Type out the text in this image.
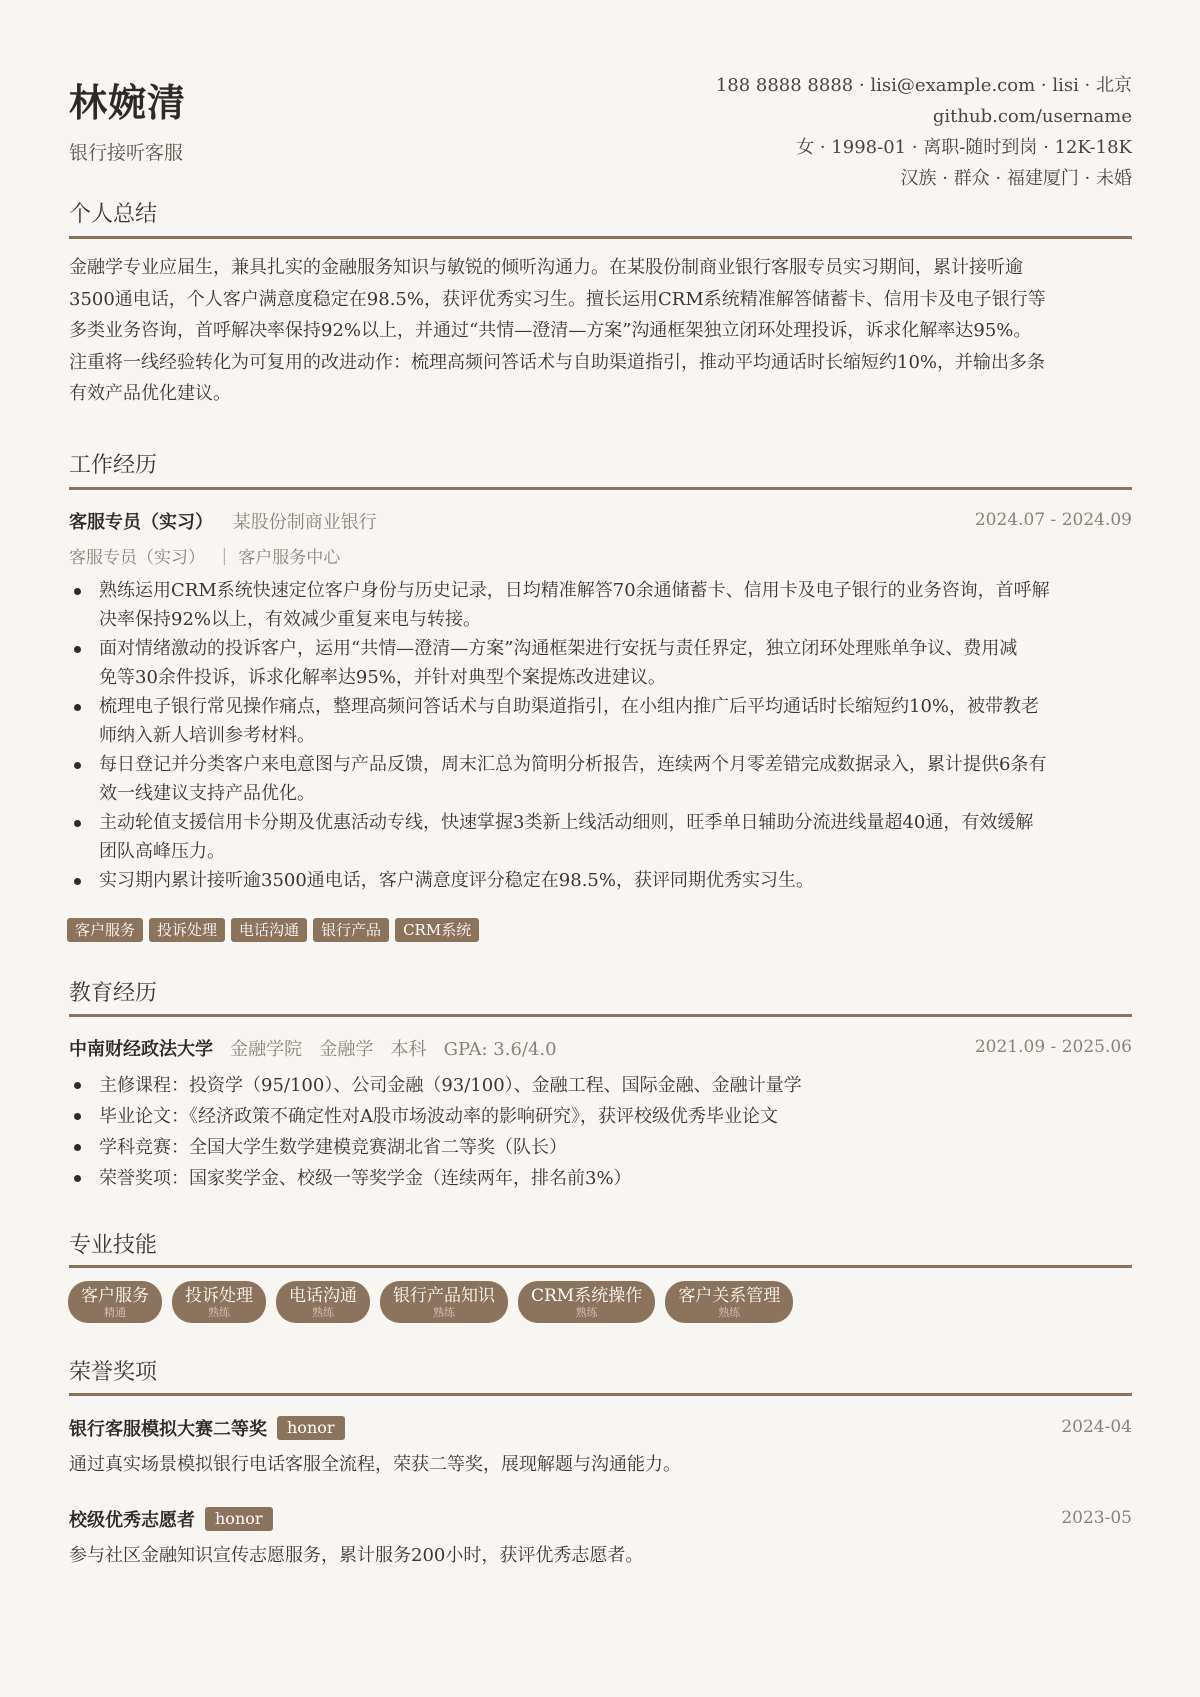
林婉清
银行接听客服
188 8888 8888 · lisi@example.com · lisi · 北京
github.com/username
女 · 1998-01 · 离职-随时到岗 · 12K-18K
汉族 · 群众 · 福建厦门 · 未婚
个人总结
金融学专业应届生，兼具扎实的金融服务知识与敏锐的倾听沟通力。在某股份制商业银行客服专员实习期间，累计接听逾
3500通电话，个人客户满意度稳定在98.5%，获评优秀实习生。擅长运用CRM系统精准解答储蓄卡、信用卡及电子银行等
多类业务咨询，首呼解决率保持92%以上，并通过“共情—澄清—方案”沟通框架独立闭环处理投诉，诉求化解率达95%。
注重将一线经验转化为可复用的改进动作：梳理高频问答话术与自助渠道指引，推动平均通话时长缩短约10%，并输出多条
有效产品优化建议。
工作经历
客服专员（实习） 某股份制商业银行	2024.07 - 2024.09
客服专员（实习）  ｜ 客户服务中心
熟练运用CRM系统快速定位客户身份与历史记录，日均精准解答70余通储蓄卡、信用卡及电子银行的业务咨询，首呼解
决率保持92%以上，有效减少重复来电与转接。
面对情绪激动的投诉客户，运用“共情—澄清—方案”沟通框架进行安抚与责任界定，独立闭环处理账单争议、费用减
免等30余件投诉，诉求化解率达95%，并针对典型个案提炼改进建议。
梳理电子银行常见操作痛点，整理高频问答话术与自助渠道指引，在小组内推广后平均通话时长缩短约10%，被带教老
师纳入新人培训参考材料。
每日登记并分类客户来电意图与产品反馈，周末汇总为简明分析报告，连续两个月零差错完成数据录入，累计提供6条有
效一线建议支持产品优化。
主动轮值支援信用卡分期及优惠活动专线，快速掌握3类新上线活动细则，旺季单日辅助分流进线量超40通，有效缓解
团队高峰压力。
实习期内累计接听逾3500通电话，客户满意度评分稳定在98.5%，获评同期优秀实习生。
客户服务	投诉处理	电话沟通	银行产品	CRM系统
教育经历
中南财经政法大学 金融学院   金融学   本科   GPA: 3.6/4.0	2021.09 - 2025.06
主修课程：投资学（95/100）、公司金融（93/100）、金融工程、国际金融、金融计量学
毕业论文：《经济政策不确定性对A股市场波动率的影响研究》，获评校级优秀毕业论文
学科竞赛：全国大学生数学建模竞赛湖北省二等奖（队长）
荣誉奖项：国家奖学金、校级一等奖学金（连续两年，排名前3%）
专业技能
客户服务
精通
投诉处理
熟练
电话沟通
熟练
银行产品知识
熟练
CRM系统操作
熟练
客户关系管理
熟练
荣誉奖项
银行客服模拟大赛二等奖	honor	2024-04
通过真实场景模拟银行电话客服全流程，荣获二等奖，展现解题与沟通能力。
校级优秀志愿者	honor	2023-05
参与社区金融知识宣传志愿服务，累计服务200小时，获评优秀志愿者。
